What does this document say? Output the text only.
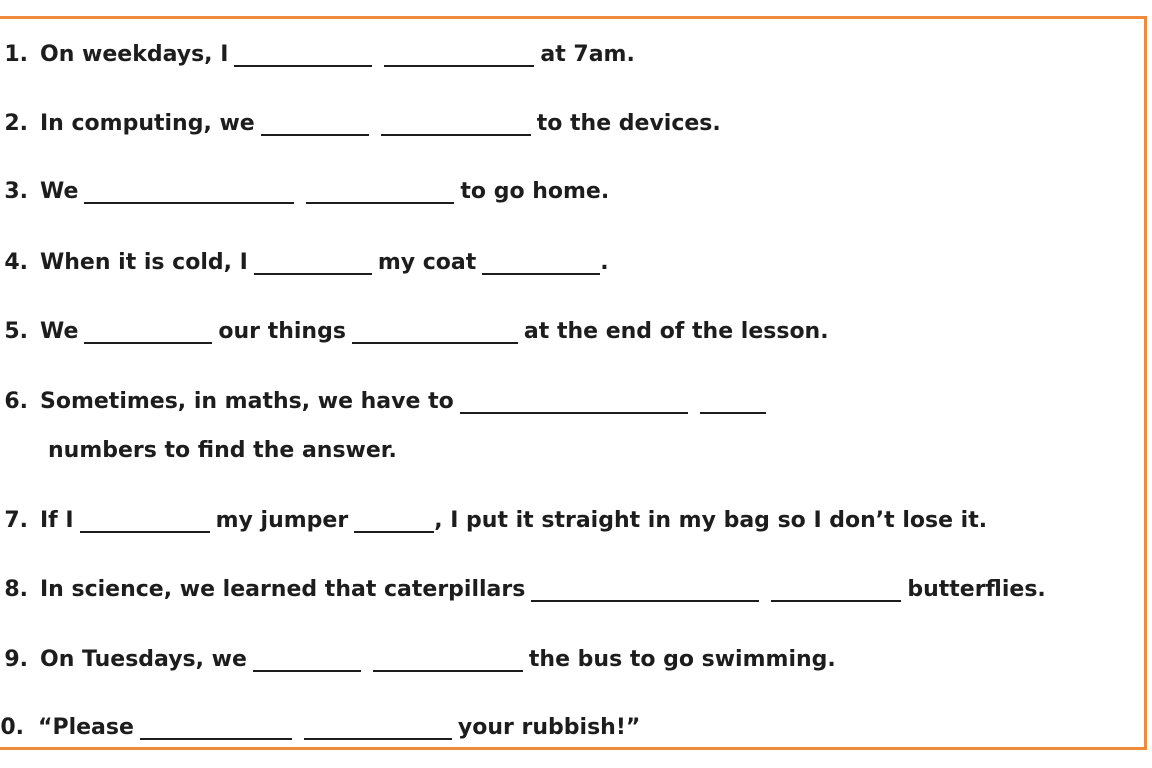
1. On weekdays, I	at 7am.
2. In computing, we	to the devices.
3. We	to go home.
4. When it is cold, I	my coat	.
5. We	our things	at the end of the lesson.
6. Sometimes, in maths, we have to
numbers to find the answer.
7. If I	my jumper	, I put it straight in my bag so I don’t lose it.
8. In science, we learned that caterpillars	butterflies.
9. On Tuesdays, we	the bus to go swimming.
0. “Please	your rubbish!”
